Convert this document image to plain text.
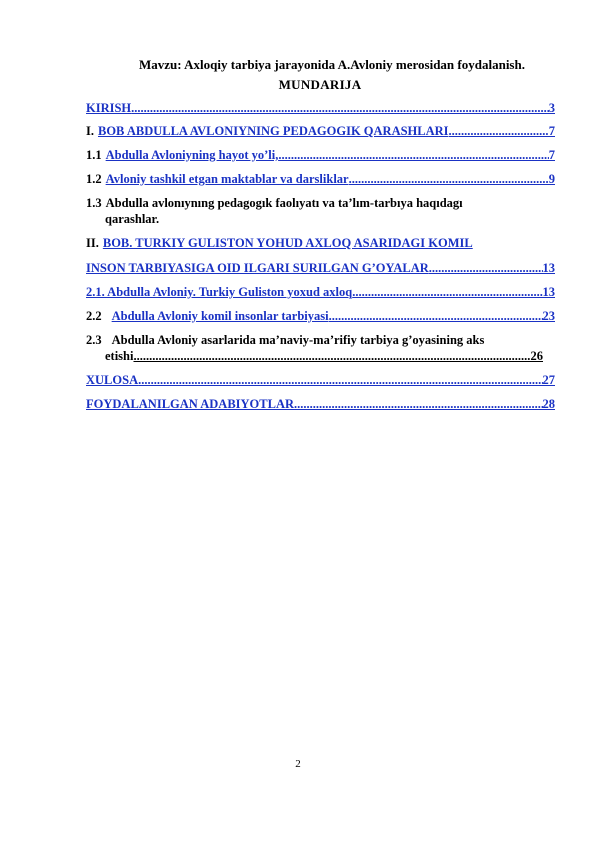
Mavzu: Axloqiy tarbiya jarayonida A.Avloniy merosidan foydalanish.
MUNDARIJA
KIRISH .....	3
I. BOB ABDULLA AVLONIYNING PEDAGOGIK QARASHLARI .....	7
1.1 Abdulla Avloniyning hayot yo’li, .....	7
1.2 Avloniy tashkil etgan maktablar va darsliklar .....	9
1.3 Abdulla avlonıynıng pedagogık faolıyatı va ta’lım-tarbıya haqıdagı
qarashlar.
II. BOB. TURKIY GULISTON YOHUD AXLOQ ASARIDAGI KOMIL
INSON TARBIYASIGA OID ILGARI SURILGAN G’OYALAR .....	13
2.1. Abdulla Avloniy. Turkiy Guliston yoxud axloq .....	13
2.2 Abdulla Avloniy komil insonlar tarbiyasi .....	23
2.3 Abdulla Avloniy asarlarida ma’naviy-ma’rifiy tarbiya g’oyasining aks
etishi .....	26
XULOSA .....	27
FOYDALANILGAN ADABIYOTLAR .....	28
2
